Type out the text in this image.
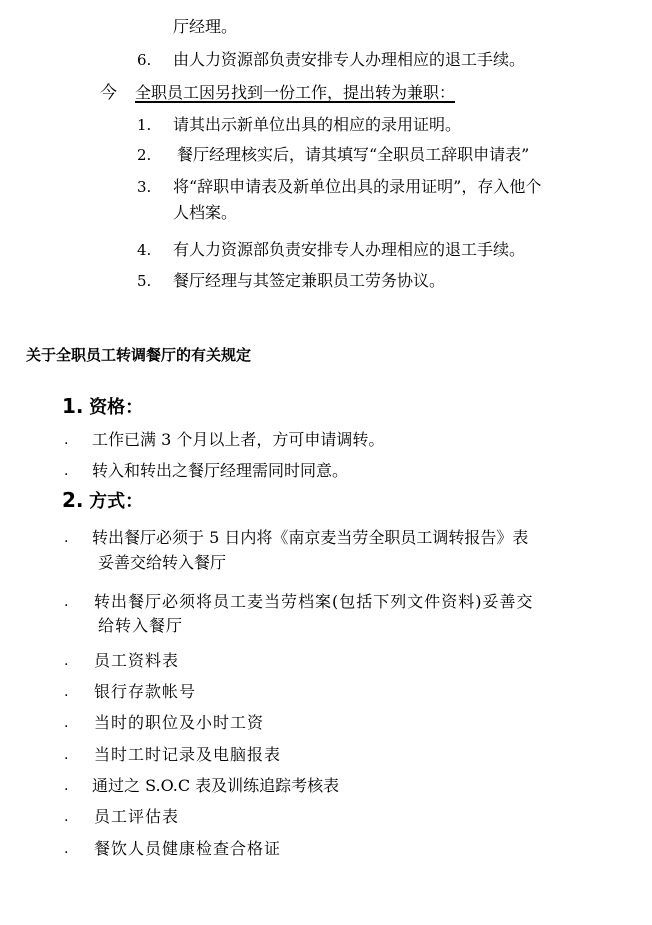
厅经理。
6. 由人力资源部负责安排专人办理相应的退工手续。
今 全职员工因另找到一份工作，提出转为兼职：
1. 请其出示新单位出具的相应的录用证明。
2. 餐厅经理核实后，请其填写“全职员工辞职申请表”
3. 将“辞职申请表及新单位出具的录用证明”，存入他个
人档案。
4. 有人力资源部负责安排专人办理相应的退工手续。
5. 餐厅经理与其签定兼职员工劳务协议。
关于全职员工转调餐厅的有关规定
1. 资格：
. 工作已满 3 个月以上者，方可申请调转。
. 转入和转出之餐厅经理需同时同意。
2. 方式：
. 转出餐厅必须于 5 日内将《南京麦当劳全职员工调转报告》表
妥善交给转入餐厅
. 转出餐厅必须将员工麦当劳档案(包括下列文件资料)妥善交
给转入餐厅
. 员工资料表
. 银行存款帐号
. 当时的职位及小时工资
. 当时工时记录及电脑报表
. 通过之 S.O.C 表及训练追踪考核表
. 员工评估表
. 餐饮人员健康检查合格证
